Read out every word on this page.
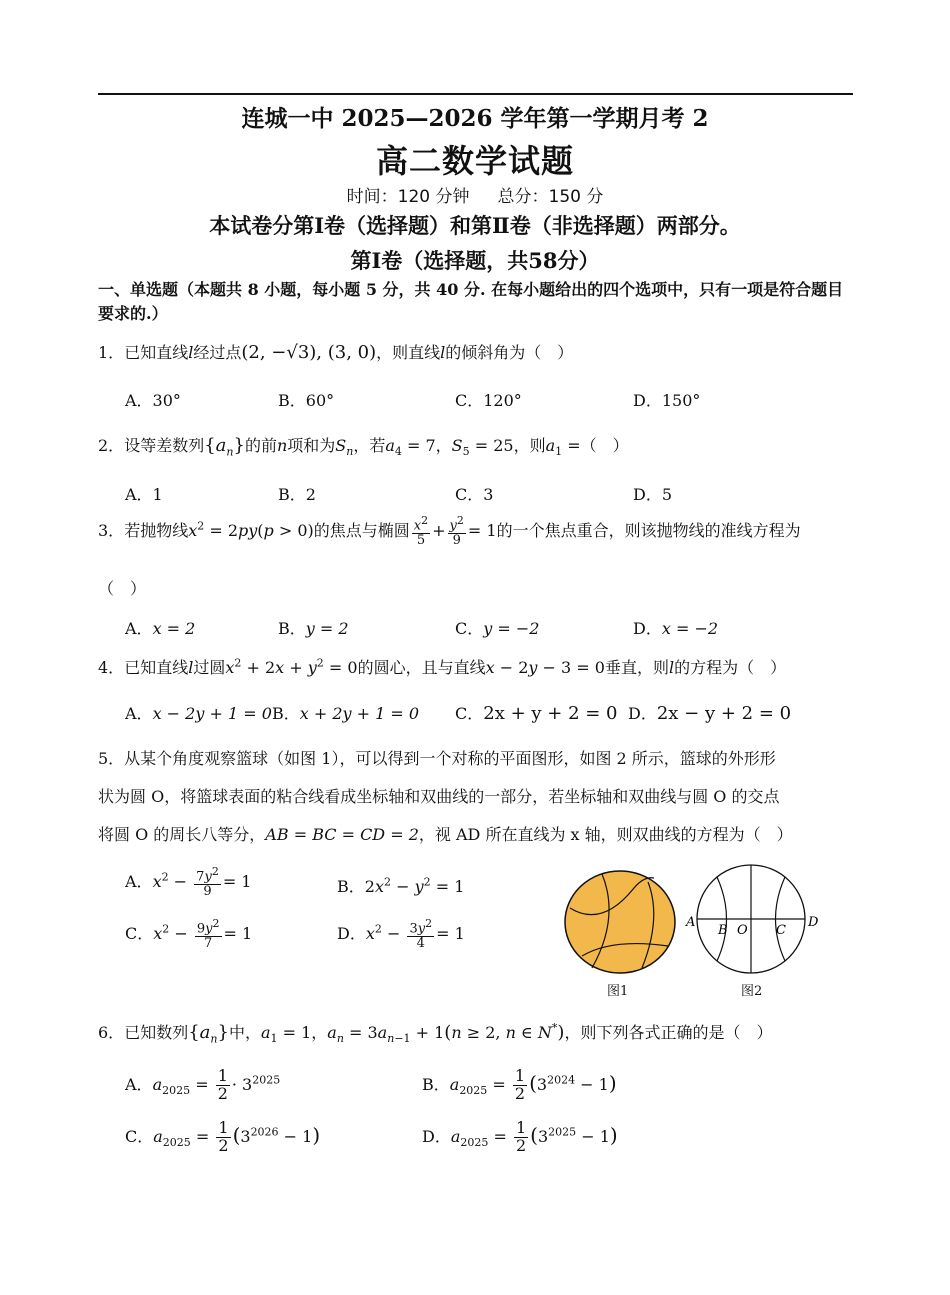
连城一中 2025—2026 学年第一学期月考 2
高二数学试题
时间：120 分钟 总分：150 分
本试卷分第Ⅰ卷（选择题）和第Ⅱ卷（非选择题）两部分。
第Ⅰ卷（选择题，共58分）
一、单选题（本题共 8 小题，每小题 5 分，共 40 分. 在每小题给出的四个选项中，只有一项是符合题目要求的.）
1．已知直线l经过点(2, −√3), (3, 0)，则直线l的倾斜角为（　）
A．30°	B．60°	C．120°	D．150°
2．设等差数列$\{a_n\}$的前n项和为$S_n$，若$a_4 = 7$，$S_5 = 25$，则$a_1$ =（　）
A．1	B．2	C．3	D．5
3．若抛物线$x^2 = 2py(p > 0)$的焦点与椭圆 $\frac{x^2}{5} + \frac{y^2}{9} = 1$的一个焦点重合，则该抛物线的准线方程为
（　）
A．x = 2	B．y = 2	C．y = −2	D．x = −2
4．已知直线l过圆$x^2 + 2x + y^2 = 0$的圆心，且与直线x − 2y − 3 = 0垂直，则l的方程为（　）
A．x − 2y + 1 = 0 B．x + 2y + 1 = 0 C．2x + y + 2 = 0 D．2x − y + 2 = 0
5．从某个角度观察篮球（如图 1），可以得到一个对称的平面图形，如图 2 所示，篮球的外形形
状为圆 O，将篮球表面的粘合线看成坐标轴和双曲线的一部分，若坐标轴和双曲线与圆 O 的交点
将圆 O 的周长八等分，AB = BC = CD = 2，视 AD 所在直线为 x 轴，则双曲线的方程为（　）
A．$x^2 - \frac{7y^2}{9} = 1$	B．$2x^2 - y^2 = 1$
C．$x^2 - \frac{9y^2}{7} = 1$	D．$x^2 - \frac{3y^2}{4} = 1$
图1
A
B O C
D
图2
6．已知数列$\{a_n\}$中，$a_1 = 1$，$a_n = 3a_{n-1} + 1(n \ge 2$, n ∈ N*)，则下列各式正确的是（　）
A．$a_{2025} = \frac{1}{2} \cdot 3^{2025}$	B．$a_{2025} = \frac{1}{2} (3^{2024} - 1)$
C．$a_{2025} = \frac{1}{2} (3^{2026} - 1)$	D．$a_{2025} = \frac{1}{2} (3^{2025} - 1)$
